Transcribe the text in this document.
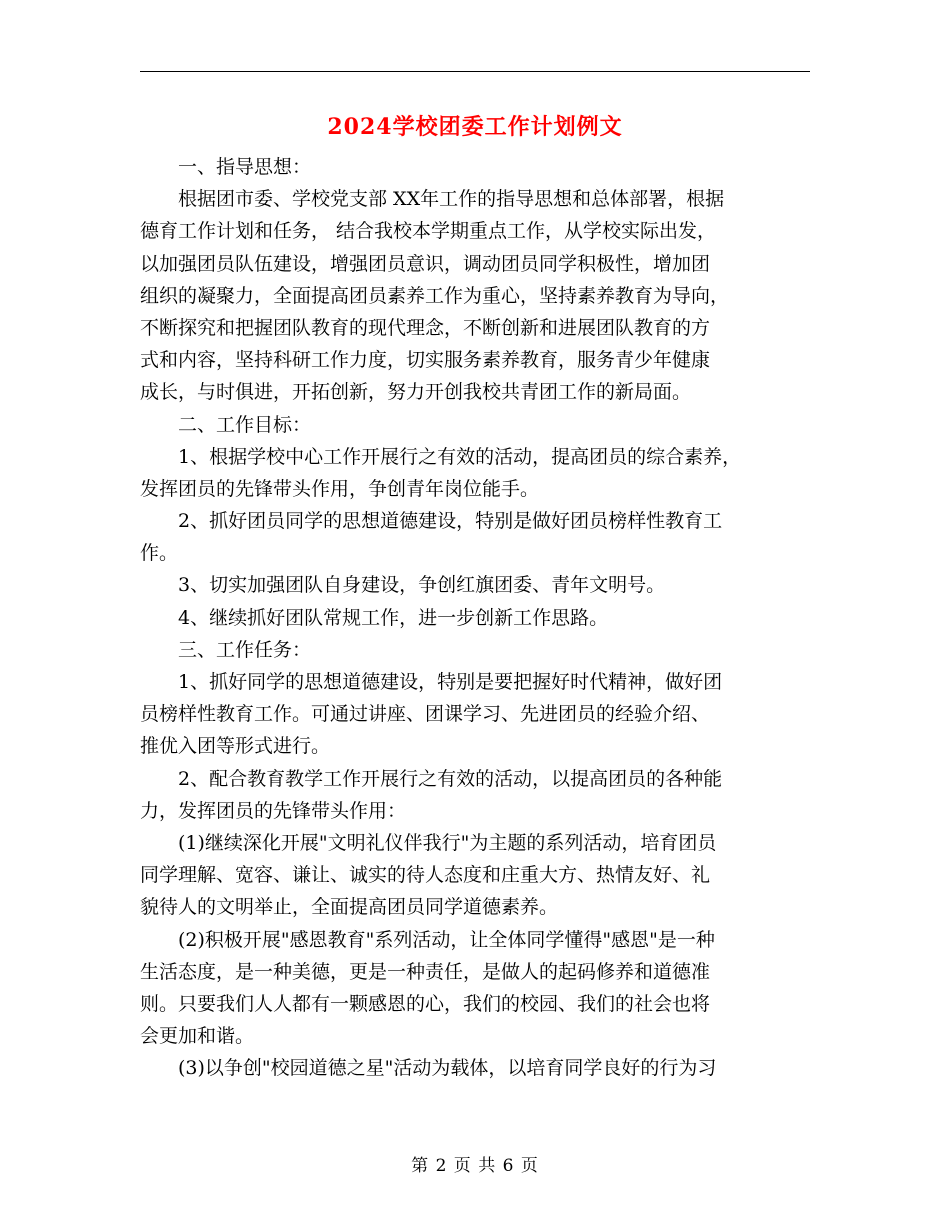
2024学校团委工作计划例文
　　一、指导思想：
　　根据团市委、学校党支部 XX年工作的指导思想和总体部署，根据
德育工作计划和任务， 结合我校本学期重点工作，从学校实际出发，
以加强团员队伍建设，增强团员意识，调动团员同学积极性，增加团
组织的凝聚力，全面提高团员素养工作为重心，坚持素养教育为导向，
不断探究和把握团队教育的现代理念，不断创新和进展团队教育的方
式和内容，坚持科研工作力度，切实服务素养教育，服务青少年健康
成长，与时俱进，开拓创新，努力开创我校共青团工作的新局面。
　　二、工作目标：
　　1、根据学校中心工作开展行之有效的活动，提高团员的综合素养，
发挥团员的先锋带头作用，争创青年岗位能手。
　　2、抓好团员同学的思想道德建设，特别是做好团员榜样性教育工
作。
　　3、切实加强团队自身建设，争创红旗团委、青年文明号。
　　4、继续抓好团队常规工作，进一步创新工作思路。
　　三、工作任务：
　　1、抓好同学的思想道德建设，特别是要把握好时代精神，做好团
员榜样性教育工作。可通过讲座、团课学习、先进团员的经验介绍、
推优入团等形式进行。
　　2、配合教育教学工作开展行之有效的活动，以提高团员的各种能
力，发挥团员的先锋带头作用：
　　(1)继续深化开展"文明礼仪伴我行"为主题的系列活动，培育团员
同学理解、宽容、谦让、诚实的待人态度和庄重大方、热情友好、礼
貌待人的文明举止，全面提高团员同学道德素养。
　　(2)积极开展"感恩教育"系列活动，让全体同学懂得"感恩"是一种
生活态度，是一种美德，更是一种责任，是做人的起码修养和道德准
则。只要我们人人都有一颗感恩的心，我们的校园、我们的社会也将
会更加和谐。
　　(3)以争创"校园道德之星"活动为载体，以培育同学良好的行为习
第 2 页 共 6 页
